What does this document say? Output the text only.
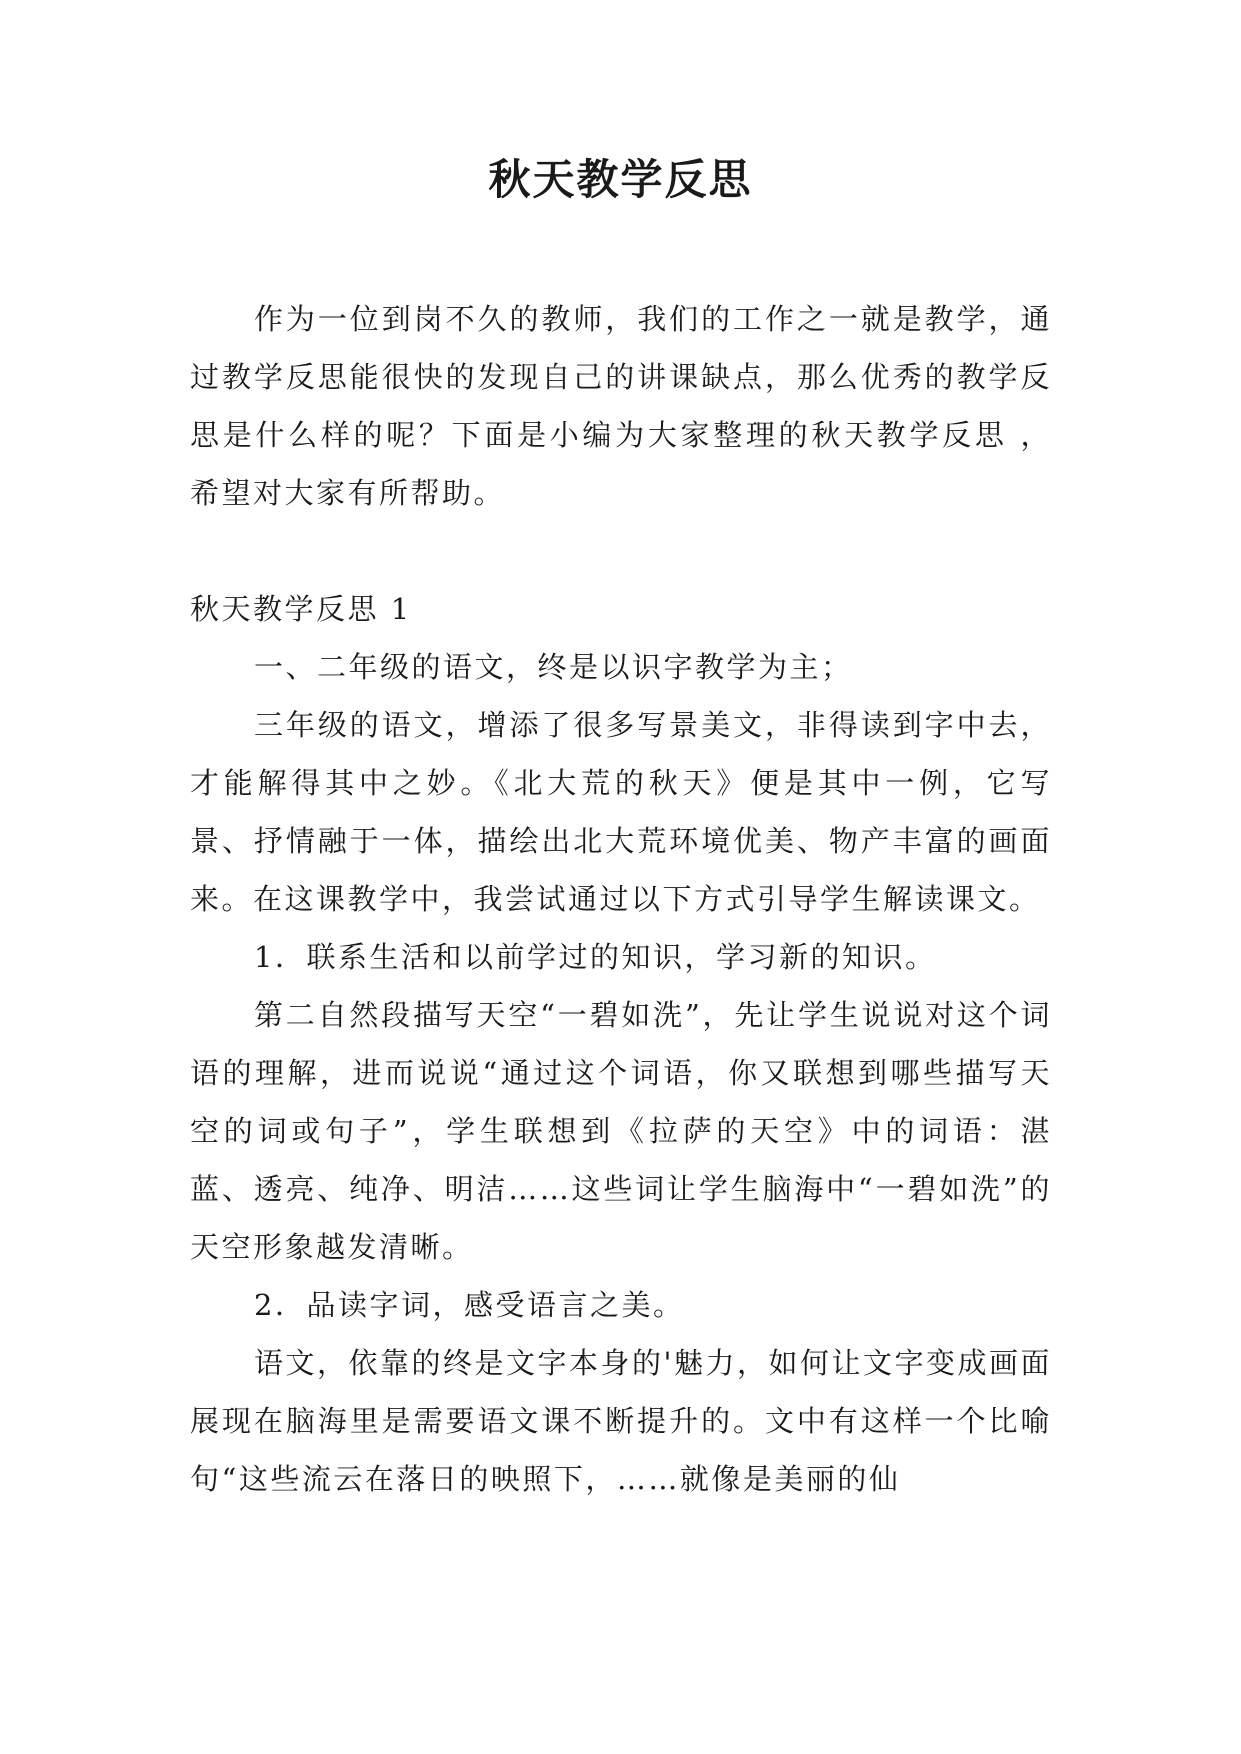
秋天教学反思

作为一位到岗不久的教师，我们的工作之一就是教学，通过教学反思能很快的发现自己的讲课缺点，那么优秀的教学反思是什么样的呢？下面是小编为大家整理的秋天教学反思 ，希望对大家有所帮助。

秋天教学反思 1

一、二年级的语文，终是以识字教学为主；

三年级的语文，增添了很多写景美文，非得读到字中去，才能解得其中之妙。《北大荒的秋天》便是其中一例，它写景、抒情融于一体，描绘出北大荒环境优美、物产丰富的画面来。在这课教学中，我尝试通过以下方式引导学生解读课文。

1．联系生活和以前学过的知识，学习新的知识。

第二自然段描写天空“一碧如洗”，先让学生说说对这个词语的理解，进而说说“通过这个词语，你又联想到哪些描写天空的词或句子”，学生联想到《拉萨的天空》中的词语：湛蓝、透亮、纯净、明洁……这些词让学生脑海中“一碧如洗”的天空形象越发清晰。

2．品读字词，感受语言之美。

语文，依靠的终是文字本身的'魅力，如何让文字变成画面展现在脑海里是需要语文课不断提升的。文中有这样一个比喻句“这些流云在落日的映照下，……就像是美丽的仙
